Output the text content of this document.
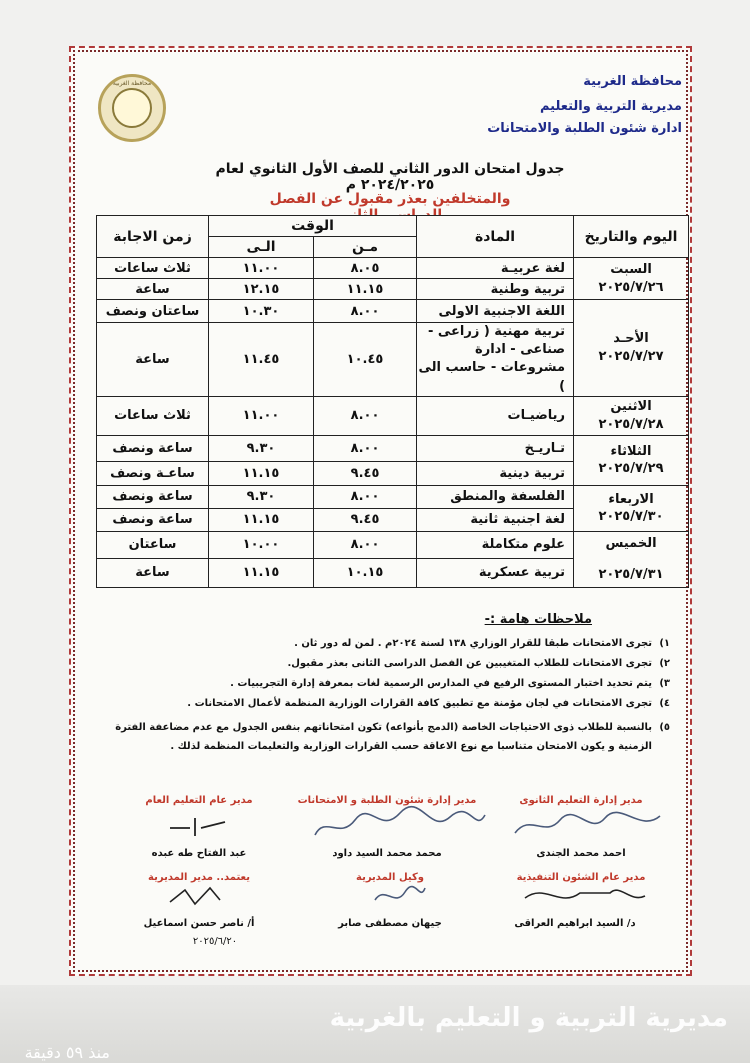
محافظة الغربية	محافظة الغربية
مديرية التربية والتعليم
ادارة شئون الطلبة والامتحانات
جدول امتحان الدور الثاني للصف الأول الثانوي لعام ٢٠٢٤/٢٠٢٥ م
والمتخلفين بعذر مقبول عن الفصل
اليوم والتاريخ	المادة	الوقت		زمن الاجابة
		مـن	الـى	

السبت
٢٠٢٥/٧/٢٦	لغة عربيـة	٨.٠٥	١١.٠٠	ثلاث ساعات
	تربية وطنية	١١.١٥	١٢.١٥	ساعة

الأحـد
٢٠٢٥/٧/٢٧	اللغة الاجنبية الاولى	٨.٠٠	١٠.٣٠	ساعتان ونصف
	تربية مهنية ( زراعى - صناعى - ادارة مشروعات - حاسب الى )	١٠.٤٥	١١.٤٥	ساعة

الاثنين
٢٠٢٥/٧/٢٨	رياضيـات	٨.٠٠	١١.٠٠	ثلاث ساعات

الثلاثاء
٢٠٢٥/٧/٢٩	تـاريـخ	٨.٠٠	٩.٣٠	ساعة ونصف
	تربية دينية	٩.٤٥	١١.١٥	ساعـة ونصف

الاربعاء
٢٠٢٥/٧/٣٠	الفلسفة والمنطق	٨.٠٠	٩.٣٠	ساعة ونصف
	لغة اجنبية ثانية	٩.٤٥	١١.١٥	ساعة ونصف

الخميس
٢٠٢٥/٧/٣١	علوم متكاملة	٨.٠٠	١٠.٠٠	ساعتان
	تربية عسكرية	١٠.١٥	١١.١٥	ساعة
ملاحظات هامة :-
١)
تجرى الامتحانات طبقا للقرار الوزاري ١٣٨ لسنة ٢٠٢٤م . لمن له دور ثان .
٢)
تجرى الامتحانات للطلاب المتغيبين عن الفصل الدراسى الثانى بعذر مقبول.
٣)
يتم تحديد اختبار المستوى الرفيع في المدارس الرسمية لغات بمعرفة إدارة التجريبيات .
٤)
تجرى الامتحانات في لجان مؤمنة مع تطبيق كافة القرارات الوزارية المنظمة لأعمال الامتحانات .
٥)
بالنسبة للطلاب ذوى الاحتياجات الخاصة (الدمج بأنواعه) تكون امتحاناتهم بنفس الجدول مع عدم مضاعفة الفترة الزمنية و يكون الامتحان متناسبا مع نوع الاعاقة حسب القرارات الوزارية والتعليمات المنظمة لذلك .
مدير إدارة التعليم الثانوى
مدير إدارة شئون الطلبة و الامتحانات
مدير عام التعليم العام
احمد محمد الجندى
محمد محمد السيد داود
عبد الفتاح طه عبده
مدير عام الشئون التنفيذية
وكيل المديرية
يعتمد.. مدير المديرية
د/ السيد ابراهيم العراقى
جيهان مصطفى صابر
أ/ ناصر حسن اسماعيل
٢٠٢٥/٦/٢٠
مديرية التربية و التعليم بالغربية
منذ ٥٩ دقيقة
